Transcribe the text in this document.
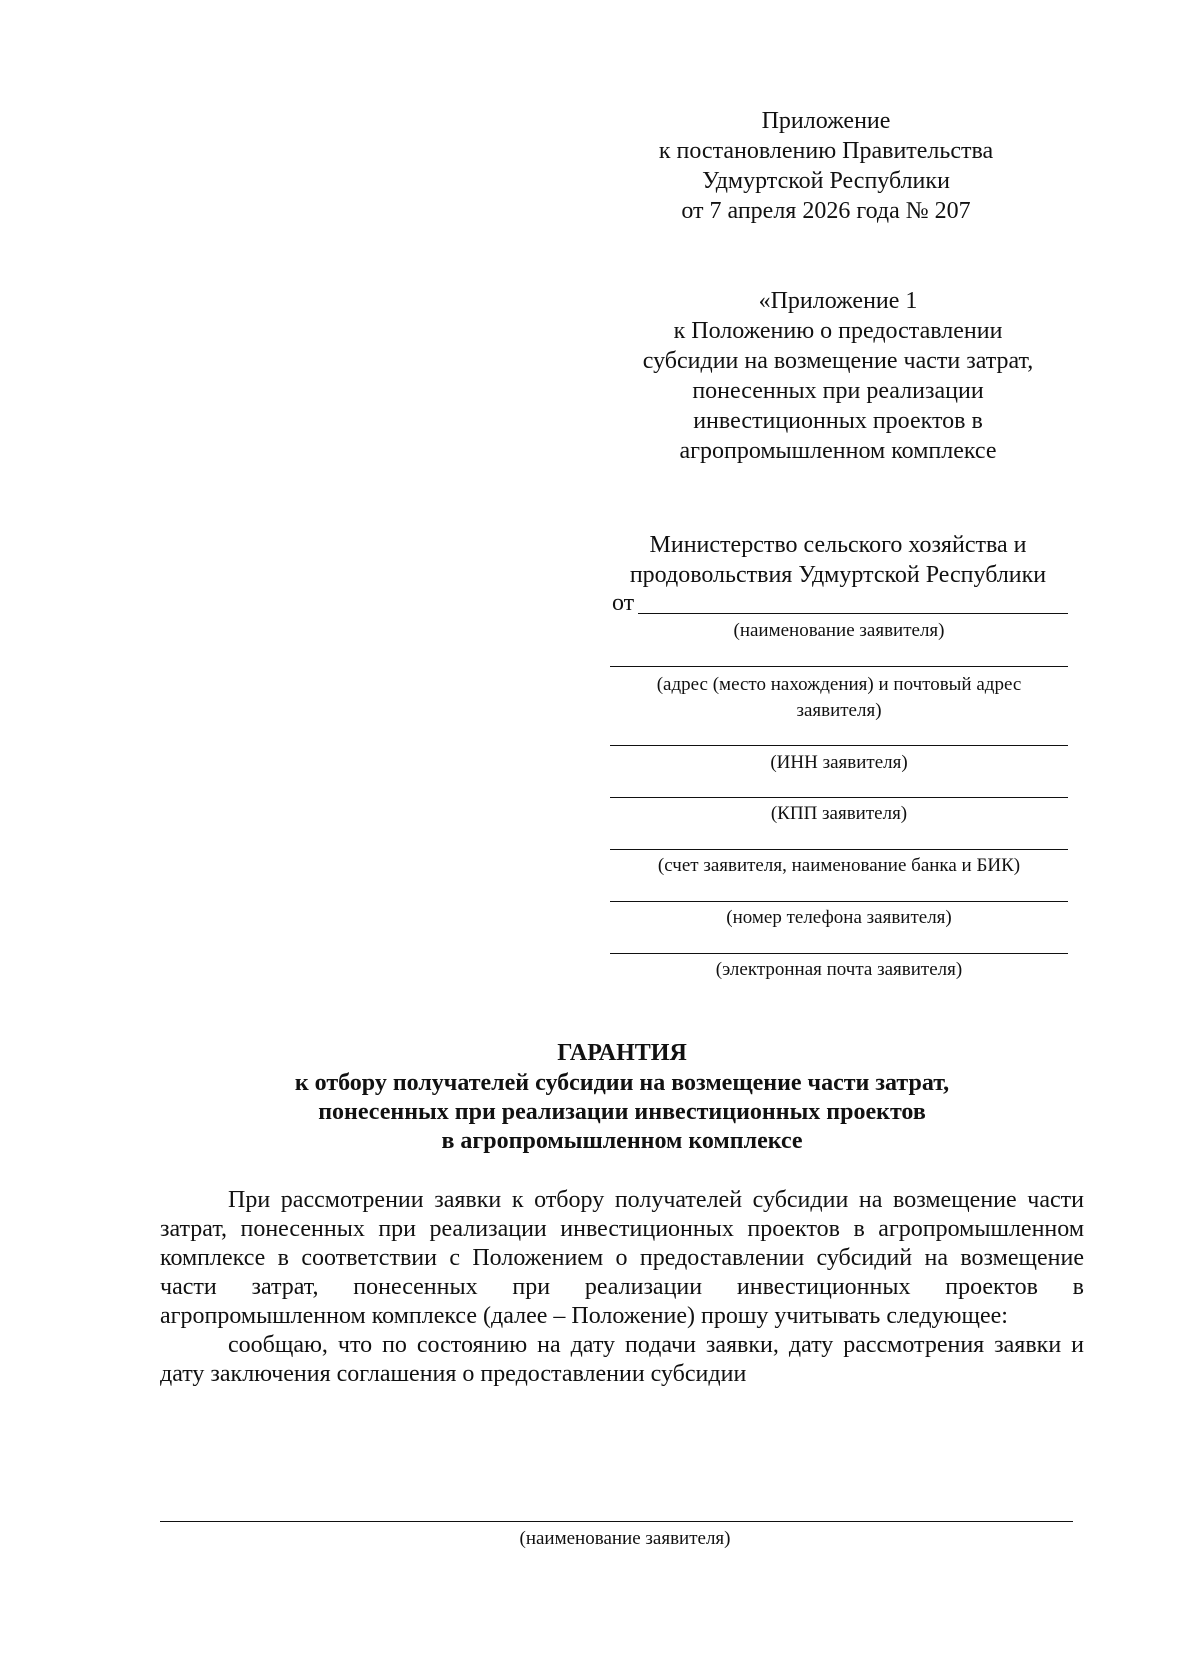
Приложение
к постановлению Правительства
Удмуртской Республики
от 7 апреля 2026 года № 207
«Приложение 1
к Положению о предоставлении
субсидии на возмещение части затрат,
понесенных при реализации
инвестиционных проектов в
агропромышленном комплексе
Министерство сельского хозяйства и
продовольствия Удмуртской Республики
от
(наименование заявителя)
(адрес (место нахождения) и почтовый адрес
заявителя)
(ИНН заявителя)
(КПП заявителя)
(счет заявителя, наименование банка и БИК)
(номер телефона заявителя)
(электронная почта заявителя)
ГАРАНТИЯ
к отбору получателей субсидии на возмещение части затрат,
понесенных при реализации инвестиционных проектов
в агропромышленном комплексе

При рассмотрении заявки к отбору получателей субсидии на возмещение части затрат, понесенных при реализации инвестиционных проектов в агропромышленном комплексе в соответствии с Положением о предоставлении субсидий на возмещение части затрат, понесенных при реализации инвестиционных проектов в агропромышленном комплексе (далее – Положение) прошу учитывать следующее:

сообщаю, что по состоянию на дату подачи заявки, дату рассмотрения заявки и дату заключения соглашения о предоставлении субсидии

(наименование заявителя)
